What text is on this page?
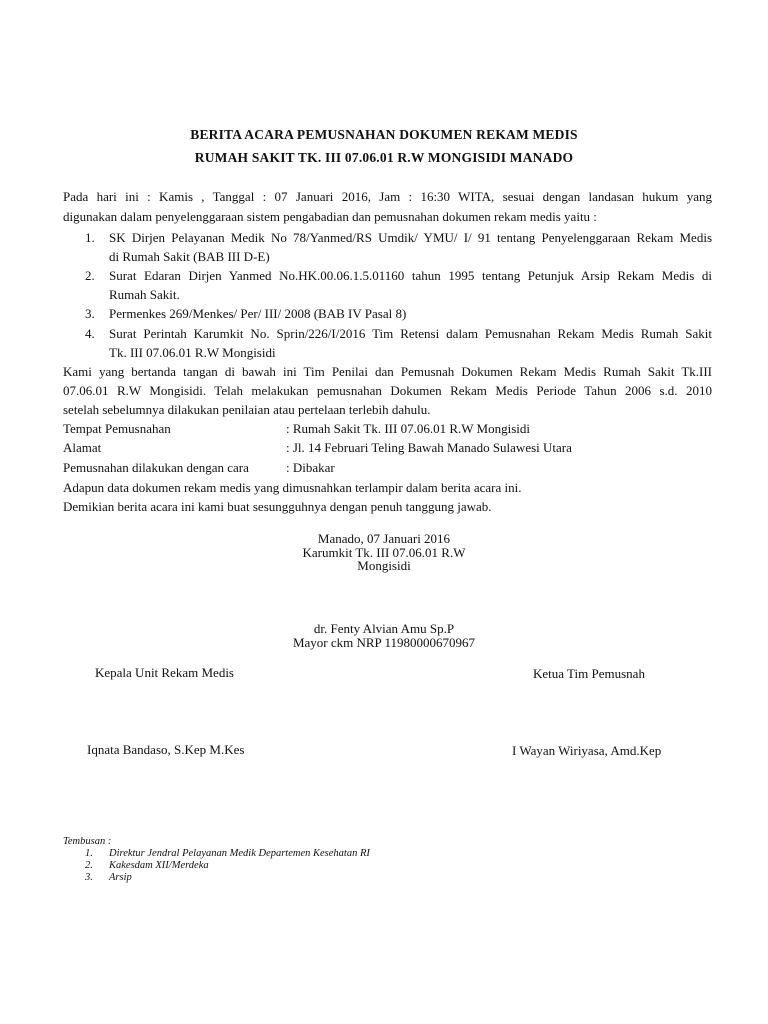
BERITA ACARA PEMUSNAHAN DOKUMEN REKAM MEDIS
RUMAH SAKIT TK. III 07.06.01 R.W MONGISIDI MANADO
Pada hari ini : Kamis , Tanggal : 07 Januari 2016, Jam : 16:30 WITA, sesuai dengan landasan hukum yang
digunakan dalam penyelenggaraan sistem pengabadian dan pemusnahan dokumen rekam medis yaitu :
1. SK Dirjen Pelayanan Medik No 78/Yanmed/RS Umdik/ YMU/ I/ 91 tentang Penyelenggaraan Rekam Medis
di Rumah Sakit (BAB III D-E)
2. Surat Edaran Dirjen Yanmed No.HK.00.06.1.5.01160 tahun 1995 tentang Petunjuk Arsip Rekam Medis di
Rumah Sakit.
3. Permenkes 269/Menkes/ Per/ III/ 2008 (BAB IV Pasal 8)
4. Surat Perintah Karumkit No. Sprin/226/I/2016 Tim Retensi dalam Pemusnahan Rekam Medis Rumah Sakit
Tk. III 07.06.01 R.W Mongisidi
Kami yang bertanda tangan di bawah ini Tim Penilai dan Pemusnah Dokumen Rekam Medis Rumah Sakit Tk.III
07.06.01 R.W Mongisidi. Telah melakukan pemusnahan Dokumen Rekam Medis Periode Tahun 2006 s.d. 2010
setelah sebelumnya dilakukan penilaian atau pertelaan terlebih dahulu.
Tempat Pemusnahan	: Rumah Sakit Tk. III 07.06.01 R.W Mongisidi
Alamat	: Jl. 14 Februari Teling Bawah Manado Sulawesi Utara
Pemusnahan dilakukan dengan cara	: Dibakar
Adapun data dokumen rekam medis yang dimusnahkan terlampir dalam berita acara ini.
Demikian berita acara ini kami buat sesungguhnya dengan penuh tanggung jawab.
Manado, 07 Januari 2016
Karumkit Tk. III 07.06.01 R.W
Mongisidi
dr. Fenty Alvian Amu Sp.P
Mayor ckm NRP 11980000670967
Kepala Unit Rekam Medis
Iqnata Bandaso, S.Kep M.Kes
Ketua Tim Pemusnah
I Wayan Wiriyasa, Amd.Kep
Tembusan :
1. Direktur Jendral Pelayanan Medik Departemen Kesehatan RI
2. Kakesdam XII/Merdeka
3. Arsip
